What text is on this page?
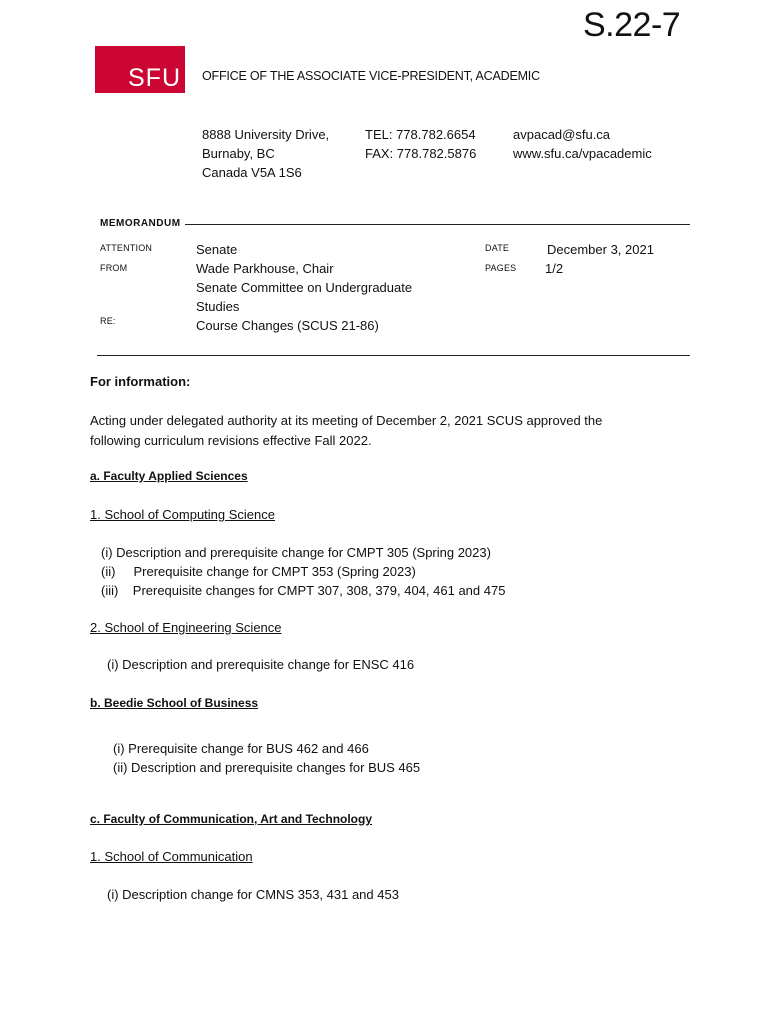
S.22-7
SFU OFFICE OF THE ASSOCIATE VICE-PRESIDENT, ACADEMIC
8888 University Drive,
Burnaby, BC
Canada V5A 1S6
TEL: 778.782.6654
FAX: 778.782.5876
avpacad@sfu.ca
www.sfu.ca/vpacademic
MEMORANDUM
ATTENTION
FROM
RE:
Senate
Wade Parkhouse, Chair
Senate Committee on Undergraduate
Studies
Course Changes (SCUS 21-86)
DATE
PAGES
December 3, 2021
1/2
For information:
Acting under delegated authority at its meeting of December 2, 2021 SCUS approved the
following curriculum revisions effective Fall 2022.
a. Faculty Applied Sciences
1. School of Computing Science
(i) Description and prerequisite change for CMPT 305 (Spring 2023)
(ii)     Prerequisite change for CMPT 353 (Spring 2023)
(iii)    Prerequisite changes for CMPT 307, 308, 379, 404, 461 and 475
2. School of Engineering Science
(i) Description and prerequisite change for ENSC 416
b. Beedie School of Business
(i) Prerequisite change for BUS 462 and 466
(ii) Description and prerequisite changes for BUS 465
c. Faculty of Communication, Art and Technology
1. School of Communication
(i) Description change for CMNS 353, 431 and 453
